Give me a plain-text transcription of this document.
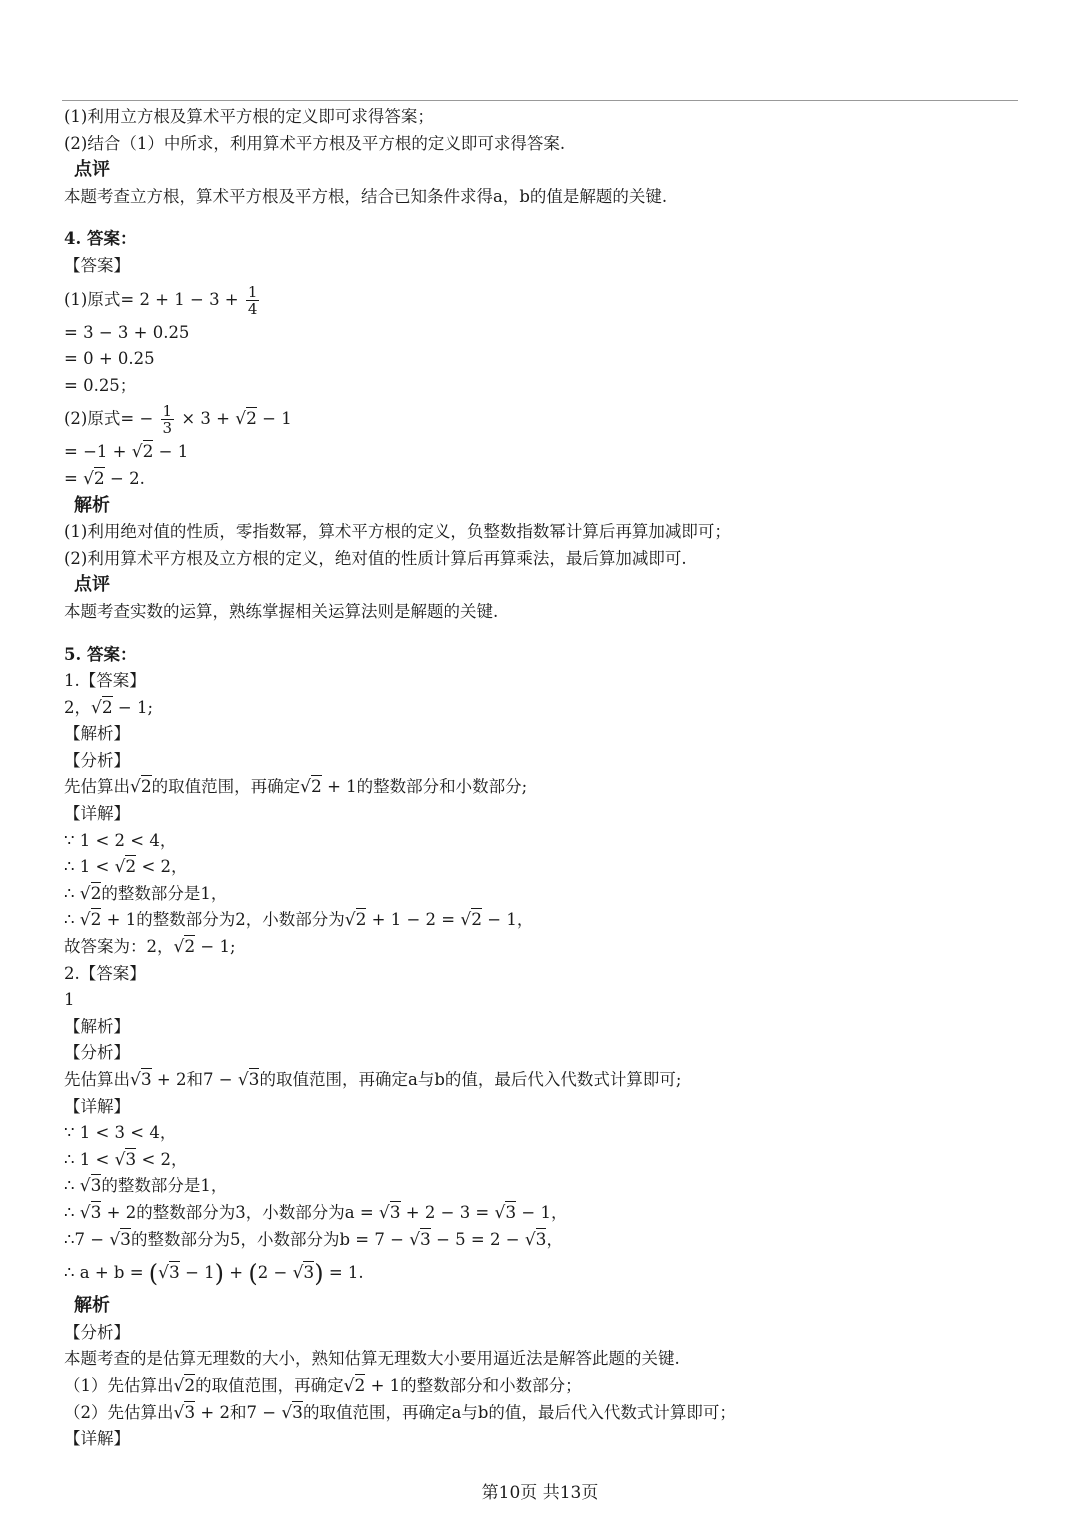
(1)利用立方根及算术平方根的定义即可求得答案；
(2)结合（1）中所求，利用算术平方根及平方根的定义即可求得答案.
点评
本题考查立方根，算术平方根及平方根，结合已知条件求得a，b的值是解题的关键.
4. 答案：
【答案】
(1)原式= $2 + 1 - 3 + \frac{1}{4}$
= 3 − 3 + 0.25
= 0 + 0.25
= 0.25；
(2)原式= − $\frac{1}{3} \times 3 + √2 - 1$
= −1 + √2 − 1
= √2 − 2.
解析
(1)利用绝对值的性质，零指数幂，算术平方根的定义，负整数指数幂计算后再算加减即可；
(2)利用算术平方根及立方根的定义，绝对值的性质计算后再算乘法，最后算加减即可.
点评
本题考查实数的运算，熟练掌握相关运算法则是解题的关键.
5. 答案：
1.【答案】
2，√2 − 1;
【解析】
【分析】
先估算出√2的取值范围，再确定√2 + 1的整数部分和小数部分;
【详解】
∵ 1 < 2 < 4，
∴ 1 < √2 < 2，
∴ √2的整数部分是1，
∴ √2 + 1的整数部分为2，小数部分为√2 + 1 − 2 = √2 − 1，
故答案为：2，√2 − 1;
2.【答案】
1
【解析】
【分析】
先估算出√3 + 2和7 − √3的取值范围，再确定a与b的值，最后代入代数式计算即可;
【详解】
∵ 1 < 3 < 4，
∴ 1 < √3 < 2，
∴ √3的整数部分是1，
∴ √3 + 2的整数部分为3，小数部分为a = √3 + 2 − 3 = √3 − 1，
∴7 − √3的整数部分为5，小数部分为b = 7 − √3 − 5 = 2 − √3，
∴ a + b = (√3 − 1) + (2 − √3) = 1.
解析
【分析】
本题考查的是估算无理数的大小，熟知估算无理数大小要用逼近法是解答此题的关键.
（1）先估算出√2的取值范围，再确定√2 + 1的整数部分和小数部分；
（2）先估算出√3 + 2和7 − √3的取值范围，再确定a与b的值，最后代入代数式计算即可；
【详解】
第10页 共13页
